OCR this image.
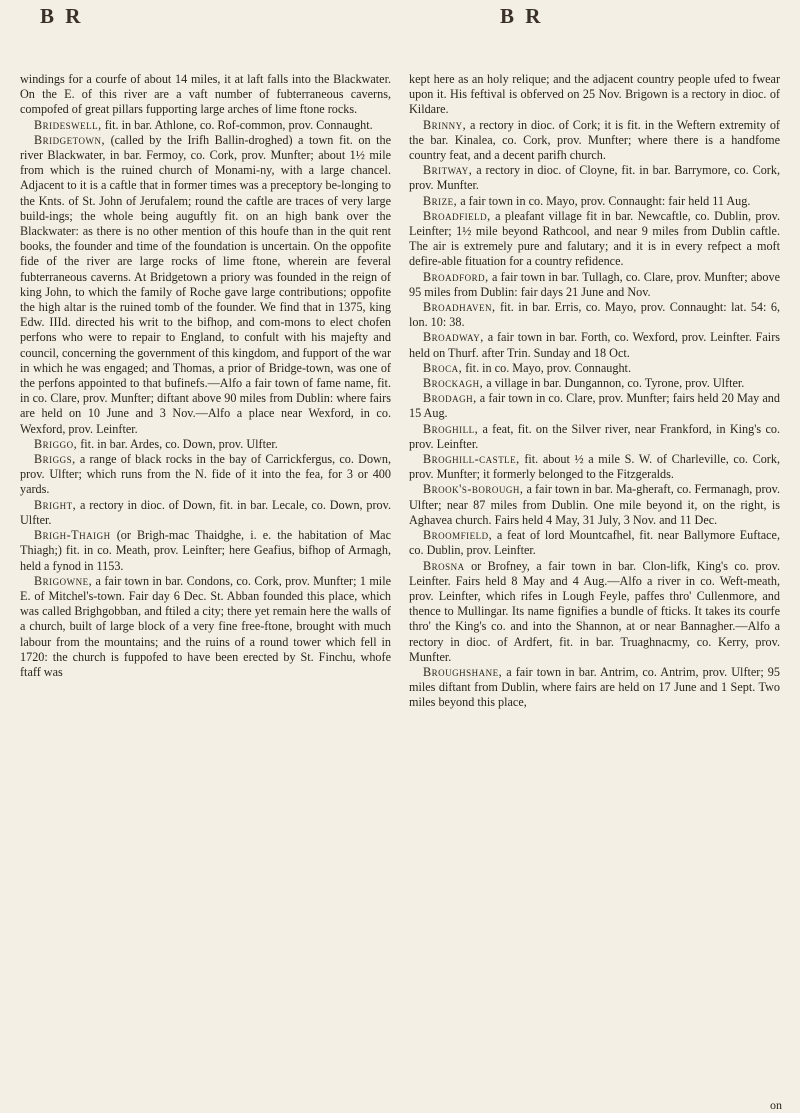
B R	B R

windings for a courfe of about 14 miles, it at laft falls into the Blackwater. On the E. of this river are a vaft number of fubterraneous caverns, compofed of great pillars fupporting large arches of lime ftone rocks.

Brideswell, fit. in bar. Athlone, co. Rof-common, prov. Connaught.

Bridgetown, (called by the Irifh Ballin-droghed) a town fit. on the river Blackwater, in bar. Fermoy, co. Cork, prov. Munfter; about 1½ mile from which is the ruined church of Monami-ny, with a large chancel. Adjacent to it is a caftle that in former times was a preceptory be-longing to the Knts. of St. John of Jerufalem; round the caftle are traces of very large build-ings; the whole being auguftly fit. on an high bank over the Blackwater: as there is no other mention of this houfe than in the quit rent books, the founder and time of the foundation is uncertain. On the oppofite fide of the river are large rocks of lime ftone, wherein are feveral fubterraneous caverns. At Bridgetown a priory was founded in the reign of king John, to which the family of Roche gave large contributions; oppofite the high altar is the ruined tomb of the founder. We find that in 1375, king Edw. IIId. directed his writ to the bifhop, and com-mons to elect chofen perfons who were to repair to England, to confult with his majefty and council, concerning the government of this kingdom, and fupport of the war in which he was engaged; and Thomas, a prior of Bridge-town, was one of the perfons appointed to that bufinefs.—Alfo a fair town of fame name, fit. in co. Clare, prov. Munfter; diftant above 90 miles from Dublin: where fairs are held on 10 June and 3 Nov.—Alfo a place near Wexford, in co. Wexford, prov. Leinfter.

Briggo, fit. in bar. Ardes, co. Down, prov. Ulfter.

Briggs, a range of black rocks in the bay of Carrickfergus, co. Down, prov. Ulfter; which runs from the N. fide of it into the fea, for 3 or 400 yards.

Bright, a rectory in dioc. of Down, fit. in bar. Lecale, co. Down, prov. Ulfter.

Brigh-Thaigh (or Brigh-mac Thaidghe, i. e. the habitation of Mac Thiagh;) fit. in co. Meath, prov. Leinfter; here Geafius, bifhop of Armagh, held a fynod in 1153.

Brigowne, a fair town in bar. Condons, co. Cork, prov. Munfter; 1 mile E. of Mitchel's-town. Fair day 6 Dec. St. Abban founded this place, which was called Brighgobban, and ftiled a city; there yet remain here the walls of a church, built of large block of a very fine free-ftone, brought with much labour from the mountains; and the ruins of a round tower which fell in 1720: the church is fuppofed to have been erected by St. Finchu, whofe ftaff was

kept here as an holy relique; and the adjacent country people ufed to fwear upon it. His feftival is obferved on 25 Nov. Brigown is a rectory in dioc. of Kildare.

Brinny, a rectory in dioc. of Cork; it is fit. in the Weftern extremity of the bar. Kinalea, co. Cork, prov. Munfter; where there is a handfome country feat, and a decent parifh church.

Britway, a rectory in dioc. of Cloyne, fit. in bar. Barrymore, co. Cork, prov. Munfter.

Brize, a fair town in co. Mayo, prov. Connaught: fair held 11 Aug.

Broadfield, a pleafant village fit in bar. Newcaftle, co. Dublin, prov. Leinfter; 1½ mile beyond Rathcool, and near 9 miles from Dublin caftle. The air is extremely pure and falutary; and it is in every refpect a moft defire-able fituation for a country refidence.

Broadford, a fair town in bar. Tullagh, co. Clare, prov. Munfter; above 95 miles from Dublin: fair days 21 June and Nov.

Broadhaven, fit. in bar. Erris, co. Mayo, prov. Connaught: lat. 54: 6, lon. 10: 38.

Broadway, a fair town in bar. Forth, co. Wexford, prov. Leinfter. Fairs held on Thurf. after Trin. Sunday and 18 Oct.

Broca, fit. in co. Mayo, prov. Connaught.

Brockagh, a village in bar. Dungannon, co. Tyrone, prov. Ulfter.

Brodagh, a fair town in co. Clare, prov. Munfter; fairs held 20 May and 15 Aug.

Broghill, a feat, fit. on the Silver river, near Frankford, in King's co. prov. Leinfter.

Broghill-castle, fit. about ½ a mile S. W. of Charleville, co. Cork, prov. Munfter; it formerly belonged to the Fitzgeralds.

Brook's-borough, a fair town in bar. Ma-gheraft, co. Fermanagh, prov. Ulfter; near 87 miles from Dublin. One mile beyond it, on the right, is Aghavea church. Fairs held 4 May, 31 July, 3 Nov. and 11 Dec.

Broomfield, a feat of lord Mountcafhel, fit. near Ballymore Euftace, co. Dublin, prov. Leinfter.

Brosna or Brofney, a fair town in bar. Clon-lifk, King's co. prov. Leinfter. Fairs held 8 May and 4 Aug.—Alfo a river in co. Weft-meath, prov. Leinfter, which rifes in Lough Feyle, paffes thro' Cullenmore, and thence to Mullingar. Its name fignifies a bundle of fticks. It takes its courfe thro' the King's co. and into the Shannon, at or near Bannagher.—Alfo a rectory in dioc. of Ardfert, fit. in bar. Truaghnacmy, co. Kerry, prov. Munfter.

Broughshane, a fair town in bar. Antrim, co. Antrim, prov. Ulfter; 95 miles diftant from Dublin, where fairs are held on 17 June and 1 Sept. Two miles beyond this place,

on
